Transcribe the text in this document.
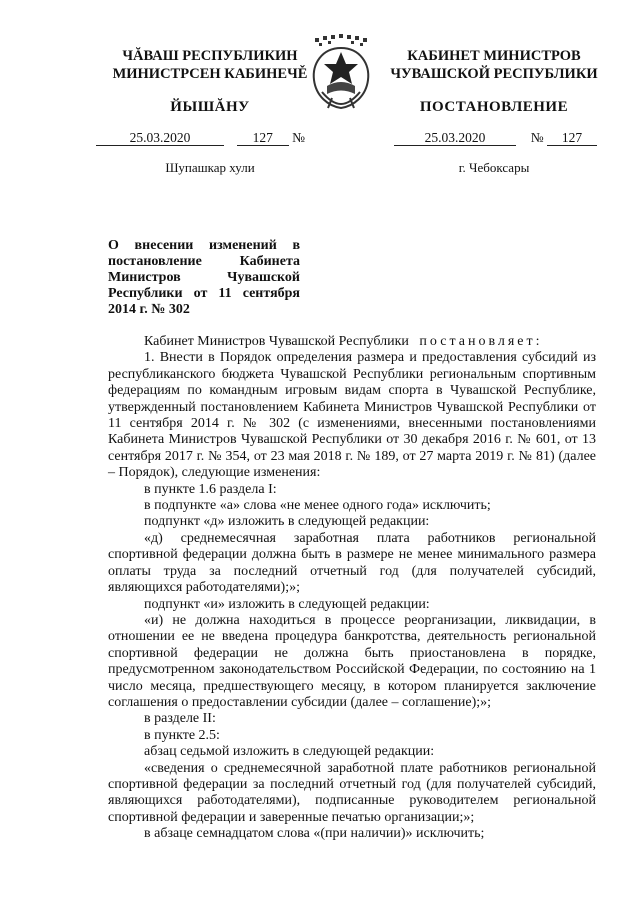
ЧĂВАШ РЕСПУБЛИКИН
МИНИСТРСЕН КАБИНЕЧĚ
ЙЫШĂНУ
25.03.2020	127 №
Шупашкар хули
КАБИНЕТ МИНИСТРОВ
ЧУВАШСКОЙ РЕСПУБЛИКИ
ПОСТАНОВЛЕНИЕ
25.03.2020	№ 127
г. Чебоксары
О внесении изменений в постановление Кабинета Министров Чувашской Республики от 11 сентября 2014 г. № 302

Кабинет Министров Чувашской Республики постановляет:

1. Внести в Порядок определения размера и предоставления субсидий из республиканского бюджета Чувашской Республики региональным спортивным федерациям по командным игровым видам спорта в Чувашской Республике, утвержденный постановлением Кабинета Министров Чувашской Республики от 11 сентября 2014 г. № 302 (с изменениями, внесенными постановлениями Кабинета Министров Чувашской Республики от 30 декабря 2016 г. № 601, от 13 сентября 2017 г. № 354, от 23 мая 2018 г. № 189, от 27 марта 2019 г. № 81) (далее – Порядок), следующие изменения:

в пункте 1.6 раздела I:

в подпункте «а» слова «не менее одного года» исключить;

подпункт «д» изложить в следующей редакции:

«д) среднемесячная заработная плата работников региональной спортивной федерации должна быть в размере не менее минимального размера оплаты труда за последний отчетный год (для получателей субсидий, являющихся работодателями);»;

подпункт «и» изложить в следующей редакции:

«и) не должна находиться в процессе реорганизации, ликвидации, в отношении ее не введена процедура банкротства, деятельность региональной спортивной федерации не должна быть приостановлена в порядке, предусмотренном законодательством Российской Федерации, по состоянию на 1 число месяца, предшествующего месяцу, в котором планируется заключение соглашения о предоставлении субсидии (далее – соглашение);»;

в разделе II:

в пункте 2.5:

абзац седьмой изложить в следующей редакции:

«сведения о среднемесячной заработной плате работников региональной спортивной федерации за последний отчетный год (для получателей субсидий, являющихся работодателями), подписанные руководителем региональной спортивной федерации и заверенные печатью организации;»;

в абзаце семнадцатом слова «(при наличии)» исключить;
